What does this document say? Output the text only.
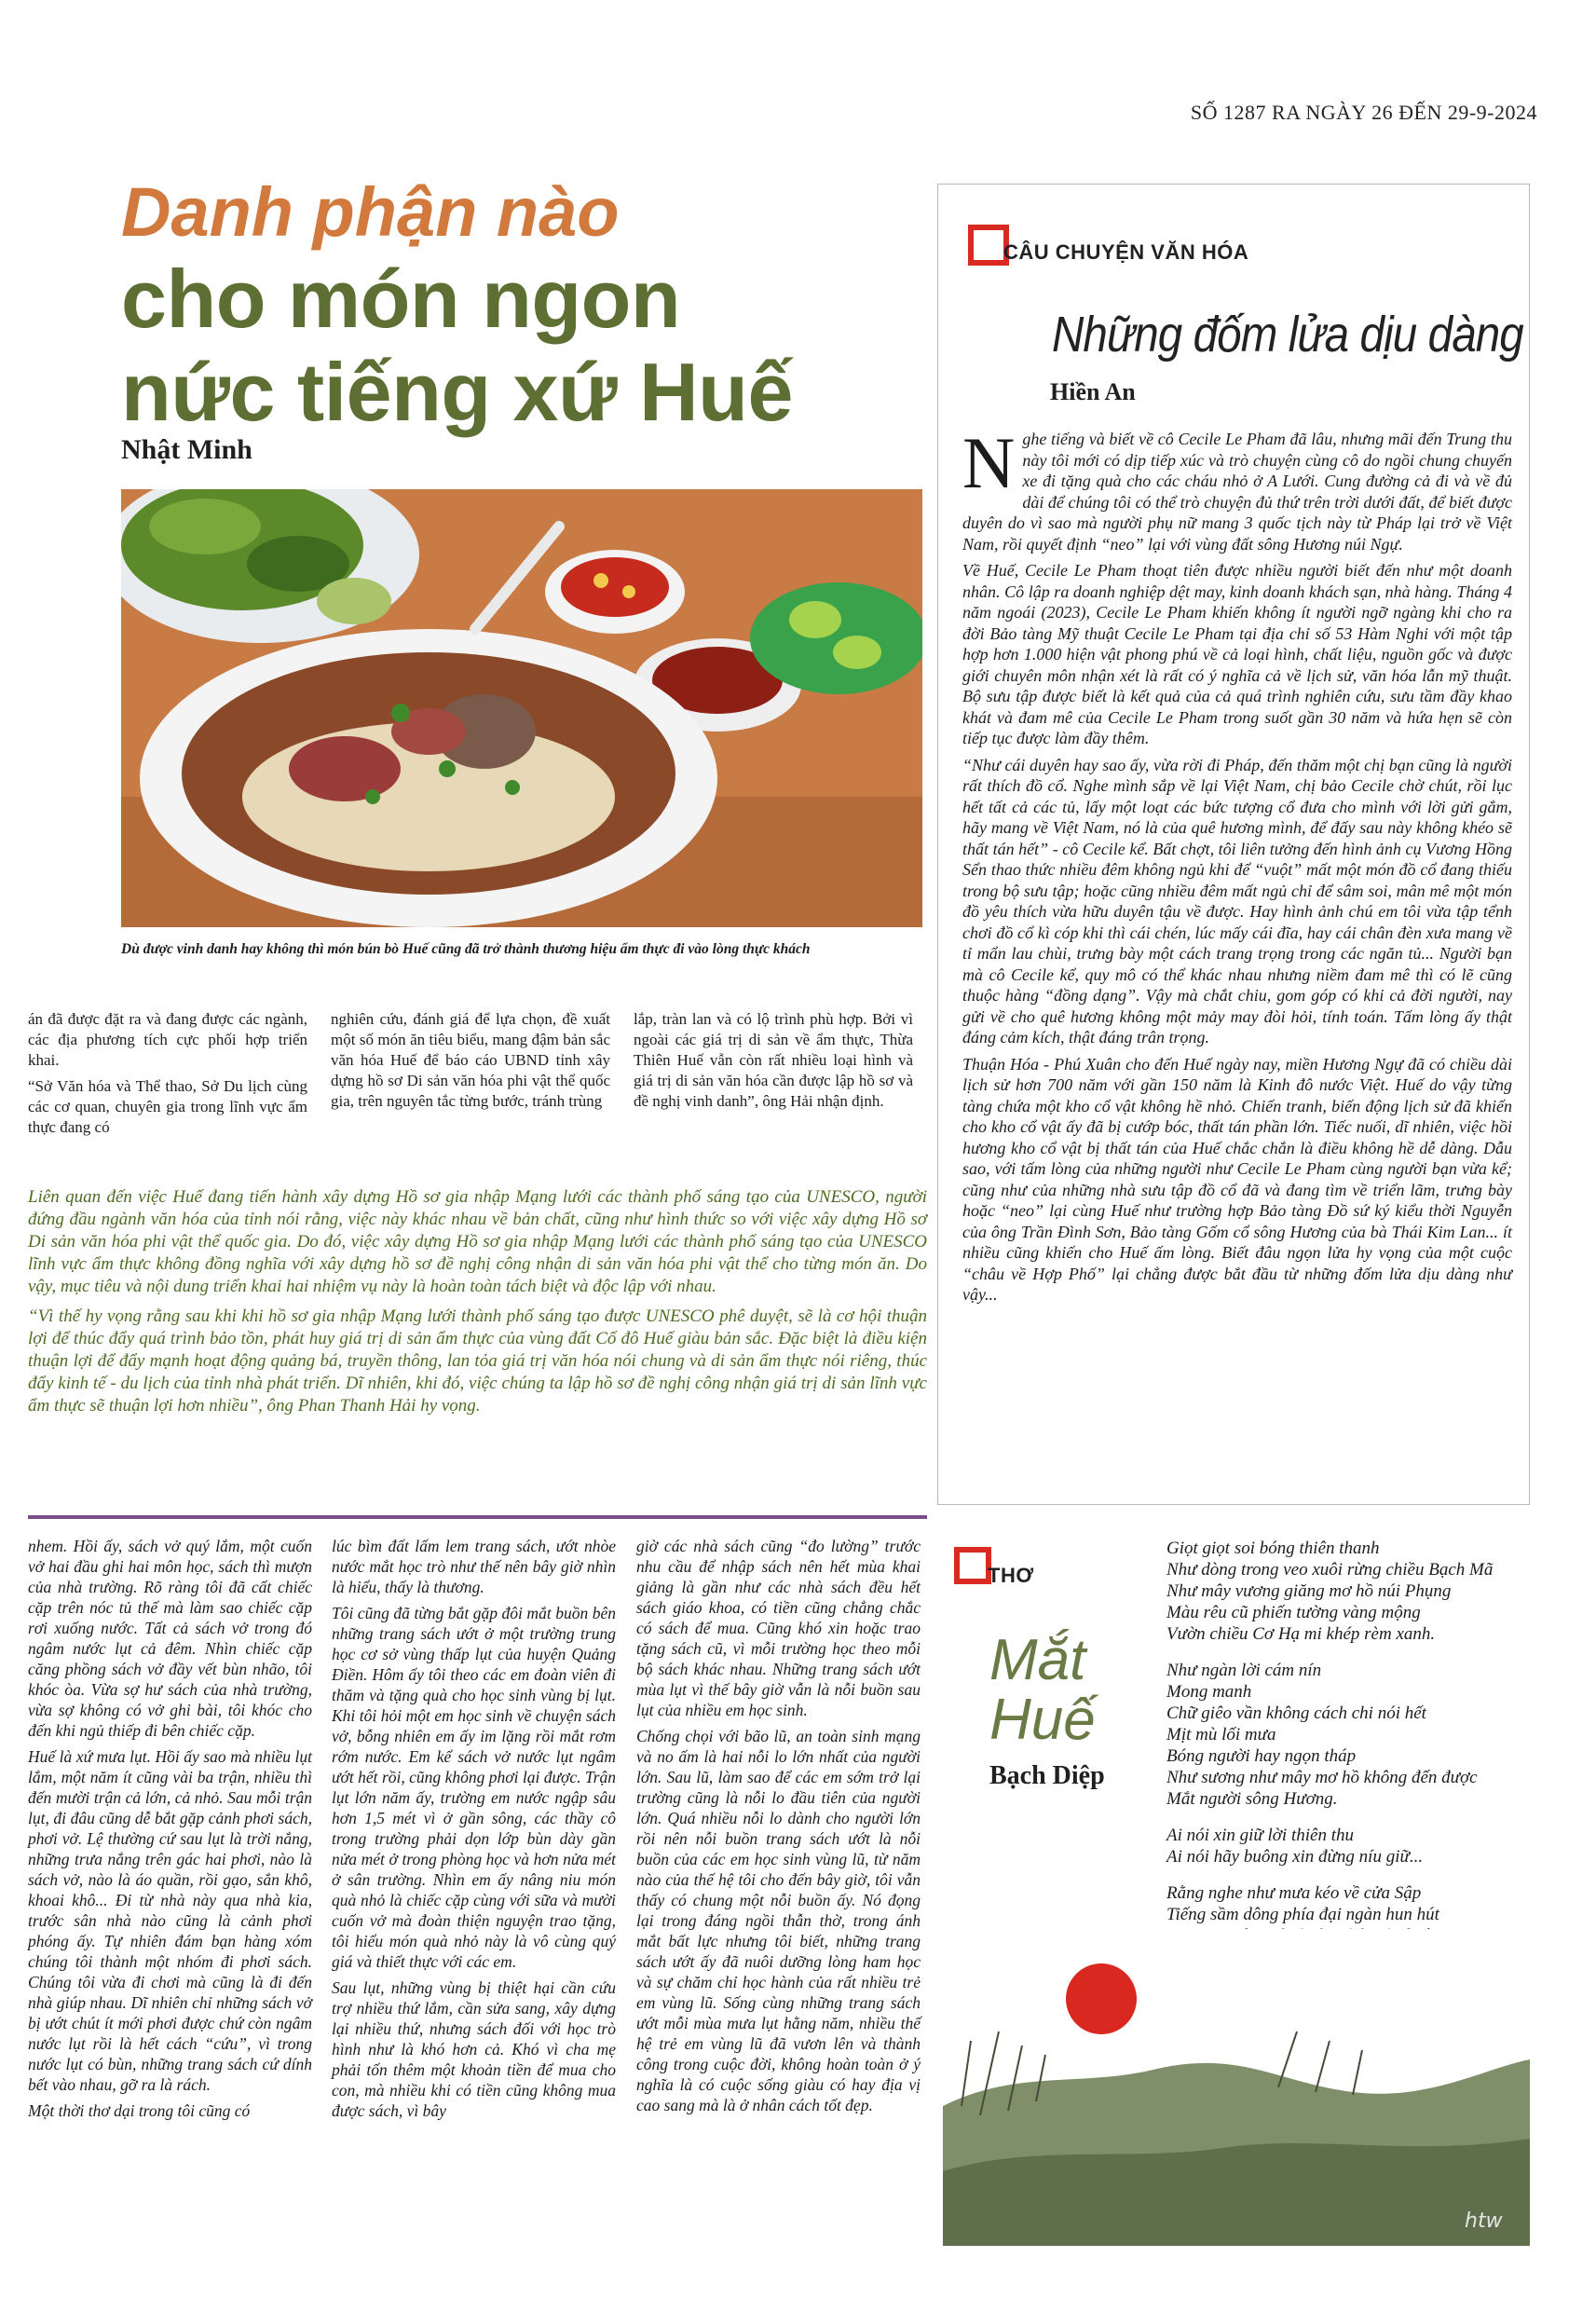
SỐ 1287 RA NGÀY 26 ĐẾN 29-9-2024
Danh phận nào
cho món ngon
nức tiếng xứ Huế
Nhật Minh
Dù được vinh danh hay không thì món bún bò Huế cũng đã trở thành thương hiệu ẩm thực đi vào lòng thực khách

án đã được đặt ra và đang được các ngành, các địa phương tích cực phối hợp triển khai.

“Sở Văn hóa và Thể thao, Sở Du lịch cùng các cơ quan, chuyên gia trong lĩnh vực ẩm thực đang có

nghiên cứu, đánh giá để lựa chọn, đề xuất một số món ăn tiêu biểu, mang đậm bản sắc văn hóa Huế để báo cáo UBND tỉnh xây dựng hồ sơ Di sản văn hóa phi vật thể quốc gia, trên nguyên tắc từng bước, tránh trùng

lắp, tràn lan và có lộ trình phù hợp. Bởi vì ngoài các giá trị di sản về ẩm thực, Thừa Thiên Huế vẫn còn rất nhiều loại hình và giá trị di sản văn hóa cần được lập hồ sơ và đề nghị vinh danh”, ông Hải nhận định.

Liên quan đến việc Huế đang tiến hành xây dựng Hồ sơ gia nhập Mạng lưới các thành phố sáng tạo của UNESCO, người đứng đầu ngành văn hóa của tỉnh nói rằng, việc này khác nhau về bản chất, cũng như hình thức so với việc xây dựng Hồ sơ Di sản văn hóa phi vật thể quốc gia. Do đó, việc xây dựng Hồ sơ gia nhập Mạng lưới các thành phố sáng tạo của UNESCO lĩnh vực ẩm thực không đồng nghĩa với xây dựng hồ sơ đề nghị công nhận di sản văn hóa phi vật thể cho từng món ăn. Do vậy, mục tiêu và nội dung triển khai hai nhiệm vụ này là hoàn toàn tách biệt và độc lập với nhau.

“Vì thế hy vọng rằng sau khi khi hồ sơ gia nhập Mạng lưới thành phố sáng tạo được UNESCO phê duyệt, sẽ là cơ hội thuận lợi để thúc đẩy quá trình bảo tồn, phát huy giá trị di sản ẩm thực của vùng đất Cố đô Huế giàu bản sắc. Đặc biệt là điều kiện thuận lợi để đẩy mạnh hoạt động quảng bá, truyền thông, lan tỏa giá trị văn hóa nói chung và di sản ẩm thực nói riêng, thúc đẩy kinh tế - du lịch của tỉnh nhà phát triển. Dĩ nhiên, khi đó, việc chúng ta lập hồ sơ đề nghị công nhận giá trị di sản lĩnh vực ẩm thực sẽ thuận lợi hơn nhiều”, ông Phan Thanh Hải hy vọng.

CÂU CHUYỆN VĂN HÓA
Những đốm lửa dịu dàng
Hiền An

Nghe tiếng và biết về cô Cecile Le Pham đã lâu, nhưng mãi đến Trung thu này tôi mới có dịp tiếp xúc và trò chuyện cùng cô do ngồi chung chuyến xe đi tặng quà cho các cháu nhỏ ở A Lưới. Cung đường cả đi và về đủ dài để chúng tôi có thể trò chuyện đủ thứ trên trời dưới đất, để biết được duyên do vì sao mà người phụ nữ mang 3 quốc tịch này từ Pháp lại trở về Việt Nam, rồi quyết định “neo” lại với vùng đất sông Hương núi Ngự.

Về Huế, Cecile Le Pham thoạt tiên được nhiều người biết đến như một doanh nhân. Cô lập ra doanh nghiệp dệt may, kinh doanh khách sạn, nhà hàng. Tháng 4 năm ngoái (2023), Cecile Le Pham khiến không ít người ngỡ ngàng khi cho ra đời Bảo tàng Mỹ thuật Cecile Le Pham tại địa chỉ số 53 Hàm Nghi với một tập hợp hơn 1.000 hiện vật phong phú về cả loại hình, chất liệu, nguồn gốc và được giới chuyên môn nhận xét là rất có ý nghĩa cả về lịch sử, văn hóa lẫn mỹ thuật. Bộ sưu tập được biết là kết quả của cả quá trình nghiên cứu, sưu tầm đầy khao khát và đam mê của Cecile Le Pham trong suốt gần 30 năm và hứa hẹn sẽ còn tiếp tục được làm đầy thêm.

“Như cái duyên hay sao ấy, vừa rời đi Pháp, đến thăm một chị bạn cũng là người rất thích đồ cổ. Nghe mình sắp về lại Việt Nam, chị bảo Cecile chờ chút, rồi lục hết tất cả các tủ, lấy một loạt các bức tượng cổ đưa cho mình với lời gửi gắm, hãy mang về Việt Nam, nó là của quê hương mình, để đấy sau này không khéo sẽ thất tán hết” - cô Cecile kể. Bất chợt, tôi liên tưởng đến hình ảnh cụ Vương Hồng Sển thao thức nhiều đêm không ngủ khi để “vuột” mất một món đồ cổ đang thiếu trong bộ sưu tập; hoặc cũng nhiều đêm mất ngủ chỉ để sâm soi, mân mê một món đồ yêu thích vừa hữu duyên tậu về được. Hay hình ảnh chú em tôi vừa tập tểnh chơi đồ cổ kì cóp khi thì cái chén, lúc mấy cái đĩa, hay cái chân đèn xưa mang về tỉ mẩn lau chùi, trưng bày một cách trang trọng trong các ngăn tủ... Người bạn mà cô Cecile kể, quy mô có thể khác nhau nhưng niềm đam mê thì có lẽ cũng thuộc hàng “đồng dạng”. Vậy mà chắt chiu, gom góp có khi cả đời người, nay gửi về cho quê hương không một mảy may đòi hỏi, tính toán. Tấm lòng ấy thật đáng cảm kích, thật đáng trân trọng.

Thuận Hóa - Phú Xuân cho đến Huế ngày nay, miền Hương Ngự đã có chiều dài lịch sử hơn 700 năm với gần 150 năm là Kinh đô nước Việt. Huế do vậy từng tàng chứa một kho cổ vật không hề nhỏ. Chiến tranh, biến động lịch sử đã khiến cho kho cổ vật ấy đã bị cướp bóc, thất tán phần lớn. Tiếc nuối, dĩ nhiên, việc hồi hương kho cổ vật bị thất tán của Huế chắc chắn là điều không hề dễ dàng. Dẫu sao, với tấm lòng của những người như Cecile Le Pham cùng người bạn vừa kể; cũng như của những nhà sưu tập đồ cổ đã và đang tìm về triển lãm, trưng bày hoặc “neo” lại cùng Huế như trường hợp Bảo tàng Đồ sứ ký kiểu thời Nguyễn của ông Trần Đình Sơn, Bảo tàng Gốm cổ sông Hương của bà Thái Kim Lan... ít nhiều cũng khiến cho Huế ấm lòng. Biết đâu ngọn lửa hy vọng của một cuộc “châu về Hợp Phố” lại chẳng được bắt đầu từ những đốm lửa dịu dàng như vậy...

nhem. Hồi ấy, sách vở quý lắm, một cuốn vở hai đầu ghi hai môn học, sách thì mượn của nhà trường. Rõ ràng tôi đã cất chiếc cặp trên nóc tủ thế mà làm sao chiếc cặp rơi xuống nước. Tất cả sách vở trong đó ngâm nước lụt cả đêm. Nhìn chiếc cặp căng phồng sách vở đầy vết bùn nhão, tôi khóc òa. Vừa sợ hư sách của nhà trường, vừa sợ không có vở ghi bài, tôi khóc cho đến khi ngủ thiếp đi bên chiếc cặp.

Huế là xứ mưa lụt. Hồi ấy sao mà nhiều lụt lắm, một năm ít cũng vài ba trận, nhiều thì đến mười trận cả lớn, cả nhỏ. Sau mỗi trận lụt, đi đâu cũng dễ bắt gặp cảnh phơi sách, phơi vở. Lệ thường cứ sau lụt là trời nắng, những trưa nắng trên gác hai phơi, nào là sách vở, nào là áo quần, rồi gạo, sắn khô, khoai khô... Đi từ nhà này qua nhà kia, trước sân nhà nào cũng là cảnh phơi phóng ấy. Tự nhiên đám bạn hàng xóm chúng tôi thành một nhóm đi phơi sách. Chúng tôi vừa đi chơi mà cũng là đi đến nhà giúp nhau. Dĩ nhiên chỉ những sách vở bị ướt chút ít mới phơi được chứ còn ngâm nước lụt rồi là hết cách “cứu”, vì trong nước lụt có bùn, những trang sách cứ dính bết vào nhau, gỡ ra là rách.

Một thời thơ dại trong tôi cũng có

lúc bìm đất lấm lem trang sách, ướt nhòe nước mắt học trò như thế nên bây giờ nhìn là hiểu, thấy là thương.

Tôi cũng đã từng bắt gặp đôi mắt buồn bên những trang sách ướt ở một trường trung học cơ sở vùng thấp lụt của huyện Quảng Điền. Hôm ấy tôi theo các em đoàn viên đi thăm và tặng quà cho học sinh vùng bị lụt. Khi tôi hỏi một em học sinh về chuyện sách vở, bỗng nhiên em ấy im lặng rồi mắt rơm rớm nước. Em kể sách vở nước lụt ngâm ướt hết rồi, cũng không phơi lại được. Trận lụt lớn năm ấy, trường em nước ngập sâu hơn 1,5 mét vì ở gần sông, các thầy cô trong trường phải dọn lớp bùn dày gần nửa mét ở trong phòng học và hơn nửa mét ở sân trường. Nhìn em ấy nâng niu món quà nhỏ là chiếc cặp cùng với sữa và mười cuốn vở mà đoàn thiện nguyện trao tặng, tôi hiểu món quà nhỏ này là vô cùng quý giá và thiết thực với các em.

Sau lụt, những vùng bị thiệt hại cần cứu trợ nhiều thứ lắm, cần sửa sang, xây dựng lại nhiều thứ, nhưng sách đối với học trò hình như là khó hơn cả. Khó vì cha mẹ phải tốn thêm một khoản tiền để mua cho con, mà nhiều khi có tiền cũng không mua được sách, vì bây

giờ các nhà sách cũng “đo lường” trước nhu cầu để nhập sách nên hết mùa khai giảng là gần như các nhà sách đều hết sách giáo khoa, có tiền cũng chẳng chắc có sách để mua. Cũng khó xin hoặc trao tặng sách cũ, vì mỗi trường học theo mỗi bộ sách khác nhau. Những trang sách ướt mùa lụt vì thế bây giờ vẫn là nỗi buồn sau lụt của nhiều em học sinh.

Chống chọi với bão lũ, an toàn sinh mạng và no ấm là hai nỗi lo lớn nhất của người lớn. Sau lũ, làm sao để các em sớm trở lại trường cũng là nỗi lo đầu tiên của người lớn. Quá nhiều nỗi lo dành cho người lớn rồi nên nỗi buồn trang sách ướt là nỗi buồn của các em học sinh vùng lũ, từ năm nào của thế hệ tôi cho đến bây giờ, tôi vẫn thấy có chung một nỗi buồn ấy. Nó đọng lại trong đáng ngồi thẫn thờ, trong ánh mắt bất lực nhưng tôi biết, những trang sách ướt ấy đã nuôi dưỡng lòng ham học và sự chăm chỉ học hành của rất nhiều trẻ em vùng lũ. Sống cùng những trang sách ướt mỗi mùa mưa lụt hằng năm, nhiều thế hệ trẻ em vùng lũ đã vươn lên và thành công trong cuộc đời, không hoàn toàn ở ý nghĩa là có cuộc sống giàu có hay địa vị cao sang mà là ở nhân cách tốt đẹp.

THƠ
Mắt
Huế
Bạch Diệp
Giọt giọt soi bóng thiên thanh
Như dòng trong veo xuôi rừng chiều Bạch Mã
Như mây vương giăng mơ hồ núi Phụng
Màu rêu cũ phiến tường vàng mộng
Vườn chiều Cơ Hạ mi khép rèm xanh.
Như ngàn lời cám nín
Mong manh
Chữ giêo vần không cách chi nói hết
Mịt mù lối mưa
Bóng người hay ngọn tháp
Như sương như mây mơ hồ không đến được
Mắt người sông Hương.
Ai nói xin giữ lời thiên thu
Ai nói hãy buông xin đừng níu giữ...
Rằng nghe như mưa kéo về cửa Sập
Tiếng sầm dông phía đại ngàn hun hút
htw
